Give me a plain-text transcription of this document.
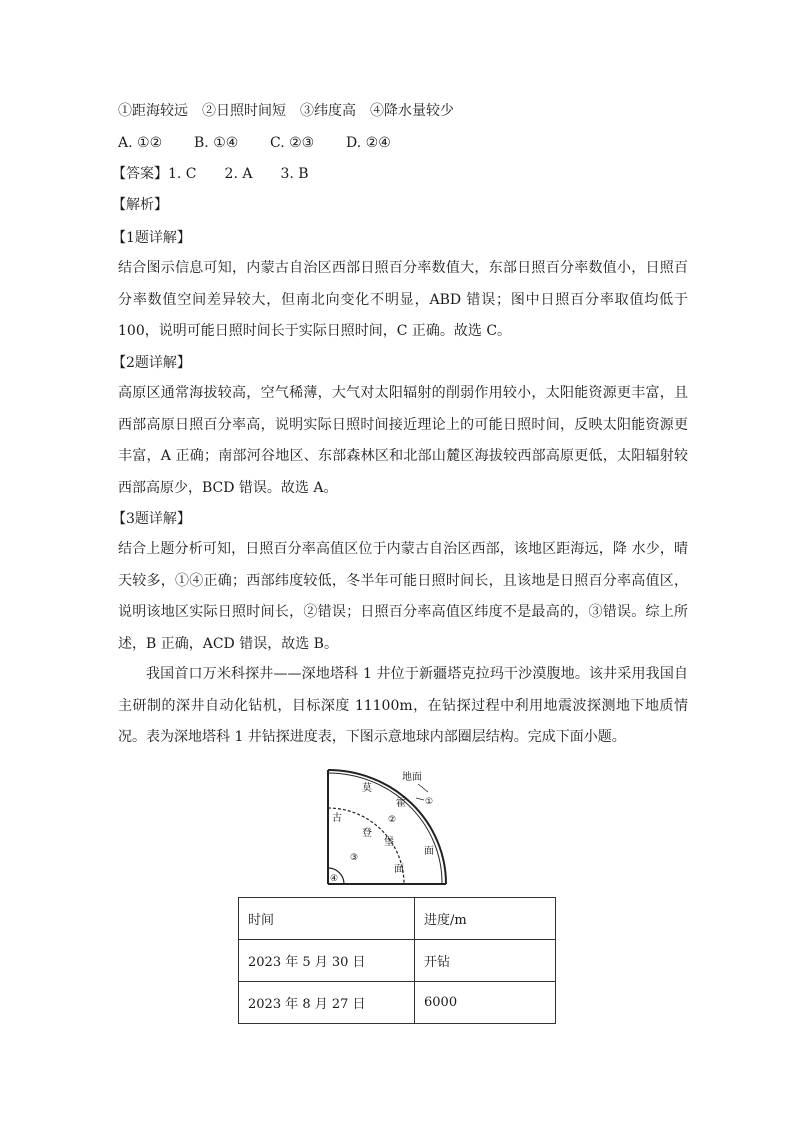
①距海较远 ②日照时间短 ③纬度高 ④降水量较少
A. ①② B. ①④ C. ②③ D. ②④
【答案】1. C 2. A 3. B
【解析】
【1题详解】
结合图示信息可知，内蒙古自治区西部日照百分率数值大，东部日照百分率数值小，日照百分率数值空间差异较大，但南北向变化不明显，ABD 错误；图中日照百分率取值均低于 100，说明可能日照时间长于实际日照时间，C 正确。故选 C。
【2题详解】
高原区通常海拔较高，空气稀薄，大气对太阳辐射的削弱作用较小，太阳能资源更丰富，且西部高原日照百分率高，说明实际日照时间接近理论上的可能日照时间，反映太阳能资源更丰富，A 正确；南部河谷地区、东部森林区和北部山麓区海拔较西部高原更低，太阳辐射较西部高原少，BCD 错误。故选 A。
【3题详解】
结合上题分析可知，日照百分率高值区位于内蒙古自治区西部，该地区距海远，降 水少，晴天较多，①④正确；西部纬度较低，冬半年可能日照时间长，且该地是日照百分率高值区，说明该地区实际日照时间长，②错误；日照百分率高值区纬度不是最高的，③错误。综上所述，B 正确，ACD 错误，故选 B。
我国首口万米科探井——深地塔科 1 井位于新疆塔克拉玛干沙漠腹地。该井采用我国自主研制的深井自动化钻机，目标深度 11100m，在钻探过程中利用地震波探测地下地质情况。表为深地塔科 1 井钻探进度表，下图示意地球内部圈层结构。完成下面小题。
地面
①
莫
霍
古	②
登
堡
面
③
面
④
时间	进度/m
2023 年 5 月 30 日	开钻
2023 年 8 月 27 日	6000
